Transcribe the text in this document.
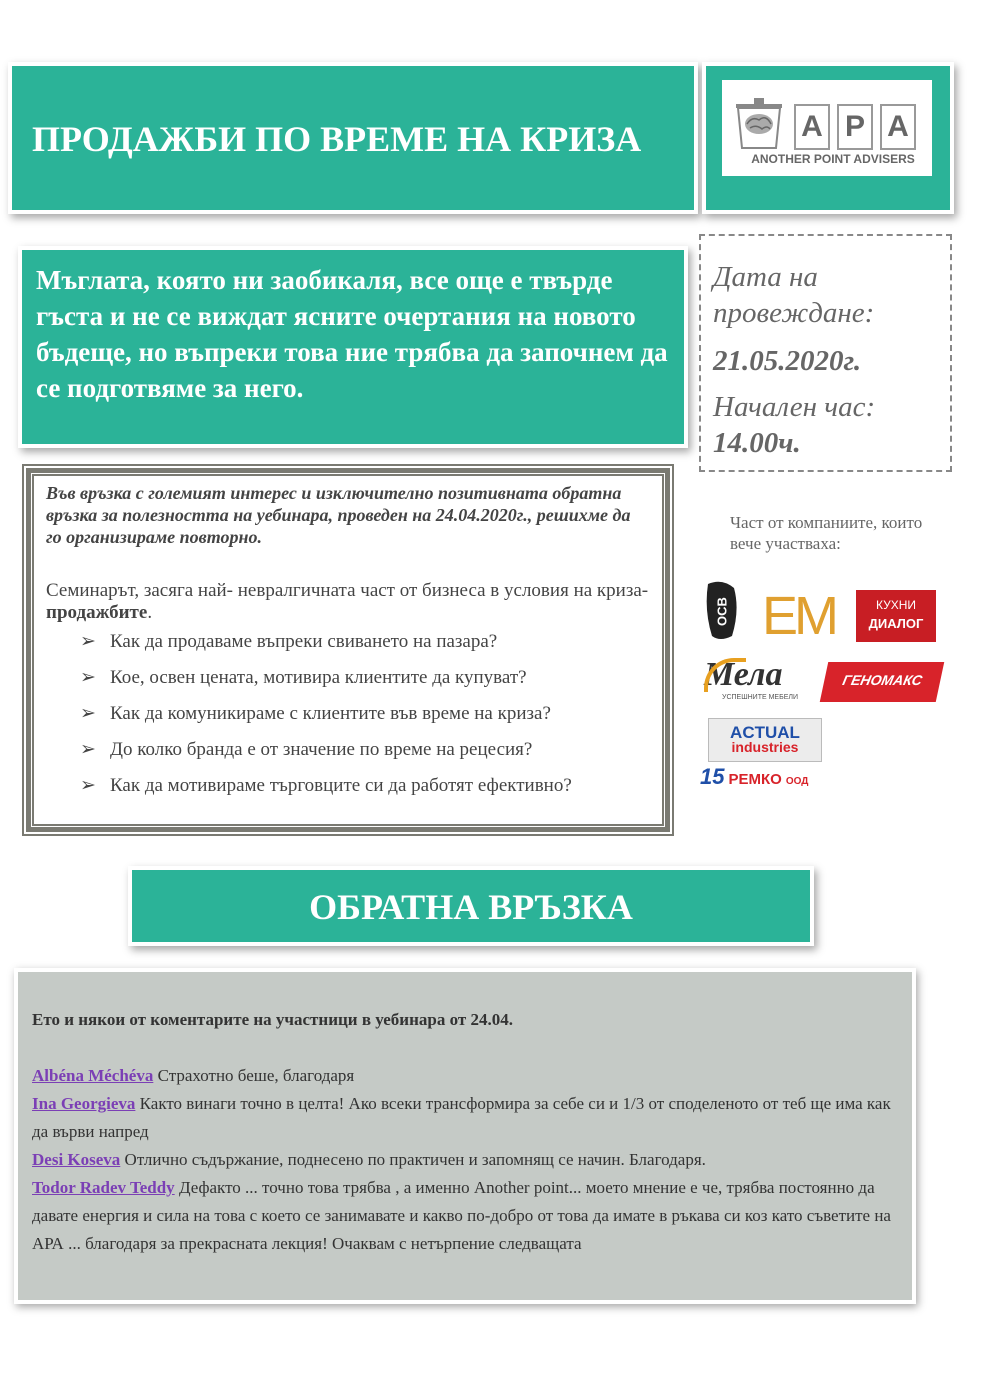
ПРОДАЖБИ ПО ВРЕМЕ НА КРИЗА	A P A
ANOTHER POINT ADVISERS
Мъглата, която ни заобикаля, все още е твърде гъста и не се виждат ясните очертания на новото бъдеще, но въпреки това ние трябва да започнем да се подготвяме за него.
Дата на
провеждане:
21.05.2020г.
Начален час:
14.00ч.
Във връзка с големият интерес и изключително позитивната обратна връзка за полезността на уебинара, проведен на 24.04.2020г., решихме да го организираме повторно.
Семинарът, засяга най- невралгичната част от бизнеса в условия на криза- продажбите.
➢ Как да продаваме въпреки свиването на пазара?
➢ Кое, освен цената, мотивира клиентите да купуват?
➢ Как да комуникираме с клиентите във време на криза?
➢ До колко бранда е от значение по време на рецесия?
➢ Как да мотивираме търговците си да работят ефективно?
Част от компаниите, които вече участваха:
OCB EM	КУХНИ
ДИАЛОГ
Мела
УСПЕШНИТЕ МЕБЕЛИ
ГЕНОМАКС
ACTUAL
industries
15 РЕМКО ООД
ОБРАТНА ВРЪЗКА
Ето и някои от коментарите на участници в уебинара от 24.04.
Albéna Méchéva Страхотно беше, благодаря
Ina Georgieva Както винаги точно в целта! Ако всеки трансформира за себе си и 1/3 от споделеното от теб ще има как да върви напред
Desi Koseva Отлично съдържание, поднесено по практичен и запомнящ се начин. Благодаря.
Todor Radev Teddy Дефакто ... точно това трябва , а именно Another point... моето мнение е че, трябва постоянно да давате енергия и сила на това с което се занимавате и какво по-добро от това да имате в ръкава си коз като съветите на АРА ... благодаря за прекрасната лекция! Очаквам с нетърпение следващата
